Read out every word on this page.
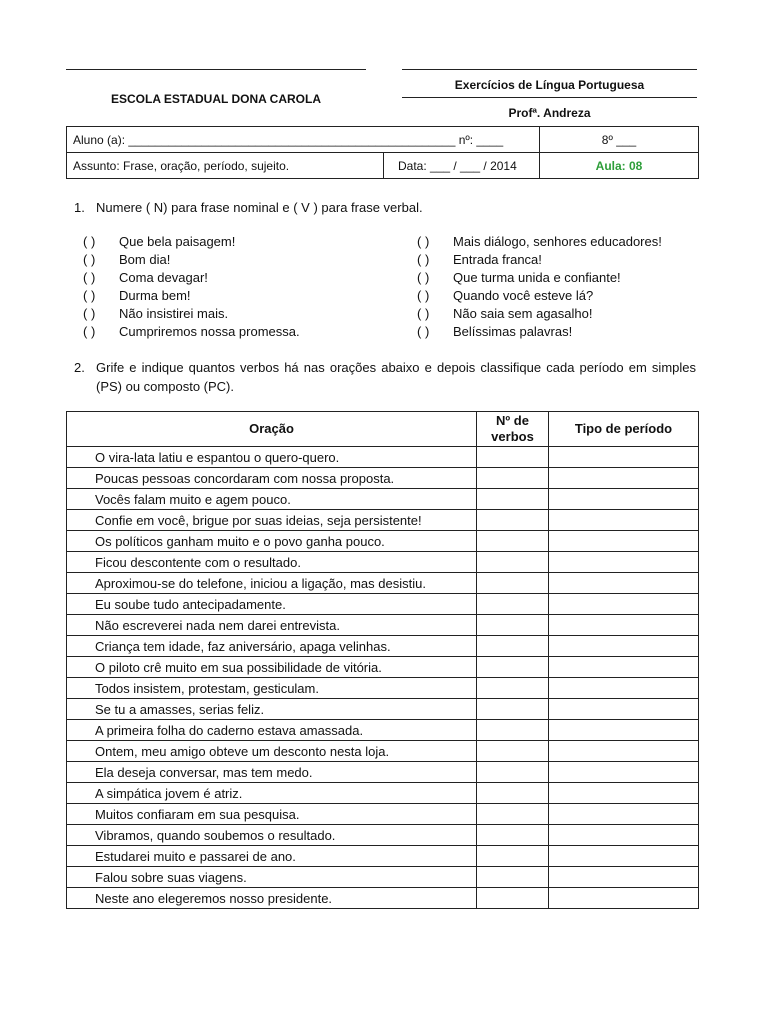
ESCOLA ESTADUAL DONA CAROLA
Exercícios de Língua Portuguesa
Profª. Andreza
Aluno (a): _________________________________________________ nº: ____		8º ___
Assunto: Frase, oração, período, sujeito.	Data: ___ / ___ / 2014	Aula: 08
1. Numere ( N) para frase nominal e ( V ) para frase verbal.
( ) Que bela paisagem!
( ) Bom dia!
( ) Coma devagar!
( ) Durma bem!
( ) Não insistirei mais.
( ) Cumpriremos nossa promessa.
( ) Mais diálogo, senhores educadores!
( ) Entrada franca!
( ) Que turma unida e confiante!
( ) Quando você esteve lá?
( ) Não saia sem agasalho!
( ) Belíssimas palavras!
2. Grife e indique quantos verbos há nas orações abaixo e depois classifique cada período em simples (PS) ou composto (PC).
Oração	Nº de verbos	Tipo de período
O vira-lata latiu e espantou o quero-quero.		
Poucas pessoas concordaram com nossa proposta.		
Vocês falam muito e agem pouco.		
Confie em você, brigue por suas ideias, seja persistente!		
Os políticos ganham muito e o povo ganha pouco.		
Ficou descontente com o resultado.		
Aproximou-se do telefone, iniciou a ligação, mas desistiu.		
Eu soube tudo antecipadamente.		
Não escreverei nada nem darei entrevista.		
Criança tem idade, faz aniversário, apaga velinhas.		
O piloto crê muito em sua possibilidade de vitória.		
Todos insistem, protestam, gesticulam.		
Se tu a amasses, serias feliz.		
A primeira folha do caderno estava amassada.		
Ontem, meu amigo obteve um desconto nesta loja.		
Ela deseja conversar, mas tem medo.		
A simpática jovem é atriz.		
Muitos confiaram em sua pesquisa.		
Vibramos, quando soubemos o resultado.		
Estudarei muito e passarei de ano.		
Falou sobre suas viagens.		
Neste ano elegeremos nosso presidente.		
